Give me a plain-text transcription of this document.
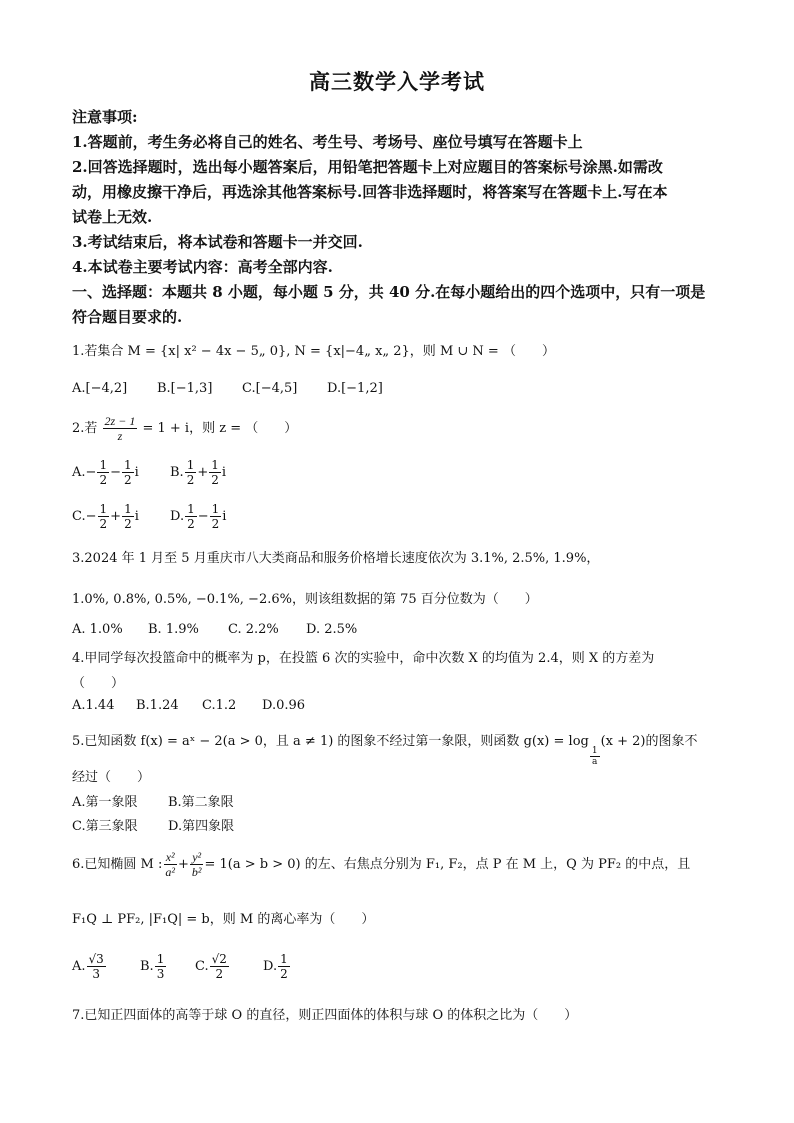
高三数学入学考试
注意事项:
1.答题前，考生务必将自己的姓名、考生号、考场号、座位号填写在答题卡上
2.回答选择题时，选出每小题答案后，用铅笔把答题卡上对应题目的答案标号涂黑.如需改
动，用橡皮擦干净后，再选涂其他答案标号.回答非选择题时，将答案写在答题卡上.写在本
试卷上无效.
3.考试结束后，将本试卷和答题卡一并交回.
4.本试卷主要考试内容：高考全部内容.
一、选择题：本题共 8 小题，每小题 5 分，共 40 分.在每小题给出的四个选项中，只有一项是
符合题目要求的.
1.若集合 M = {x| x² − 4x − 5„ 0}, N = {x|−4„ x„ 2}，则 M ∪ N = （　　）
A.[−4,2] B.[−1,3] C.[−4,5] D.[−1,2]
2.若 $\frac{2z - 1}{z} = 1 + i$，则 z = （　　）
$A.- \frac{1}{2} - \frac{1}{2}$ i B. $\frac{1}{2} + \frac{1}{2}$ i
$C.- \frac{1}{2} + \frac{1}{2}$ i D. $\frac{1}{2} - \frac{1}{2}$ i
3.2024 年 1 月至 5 月重庆市八大类商品和服务价格增长速度依次为 3.1%, 2.5%, 1.9%，
1.0%, 0.8%, 0.5%, −0.1%, −2.6%，则该组数据的第 75 百分位数为（　　）
A. 1.0% B. 1.9% C. 2.2% D. 2.5%
4.甲同学每次投篮命中的概率为 p，在投篮 6 次的实验中，命中次数 X 的均值为 2.4，则 X 的方差为
（　　）
A.1.44 B.1.24 C.1.2 D.0.96
5.已知函数 f(x) = aˣ − 2(a > 0，且 a ≠ 1) 的图象不经过第一象限，则函数 g(x) = log
$\frac{1}{a}$
(x + 2)的图象不
经过（　　）
A.第一象限 B.第二象限
C.第三象限 D.第四象限
6.已知椭圆 M : $\frac{\text{x²}}{\text{a²}} + \frac{\text{y²}}{\text{b²}} = 1(a > b > 0)$ 的左、右焦点分别为 F₁, F₂，点 P 在 M 上，Q 为 PF₂ 的中点，且
F₁Q ⊥ PF₂, |F₁Q| = b，则 M 的离心率为（　　）
A. $\frac{√3}{3}$	B. $\frac{1}{3} C$. $\frac{√2}{2}$	D. $\frac{1}{2}$
7.已知正四面体的高等于球 O 的直径，则正四面体的体积与球 O 的体积之比为（　　）
